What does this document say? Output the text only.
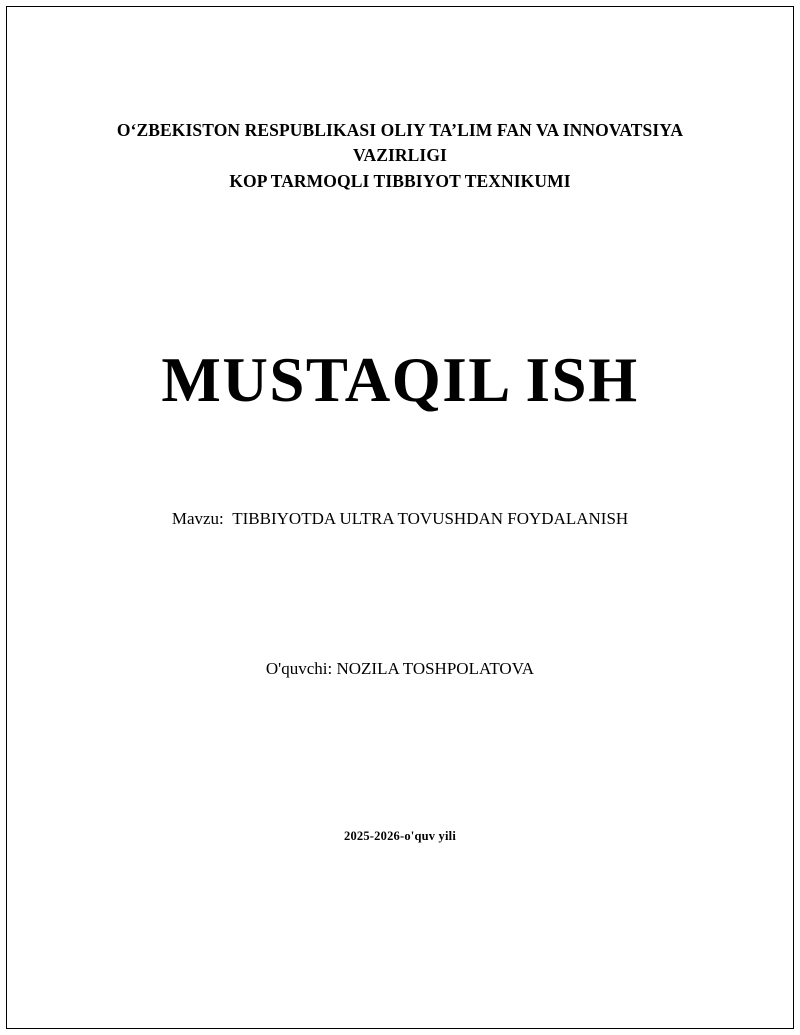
O‘ZBEKISTON RESPUBLIKASI OLIY TA’LIM FAN VA INNOVATSIYA VAZIRLIGI
KOP TARMOQLI TIBBIYOT TEXNIKUMI
MUSTAQIL ISH
Mavzu: TIBBIYOTDA ULTRA TOVUSHDAN FOYDALANISH
O'quvchi: NOZILA TOSHPOLATOVA
2025-2026-o'quv yili
